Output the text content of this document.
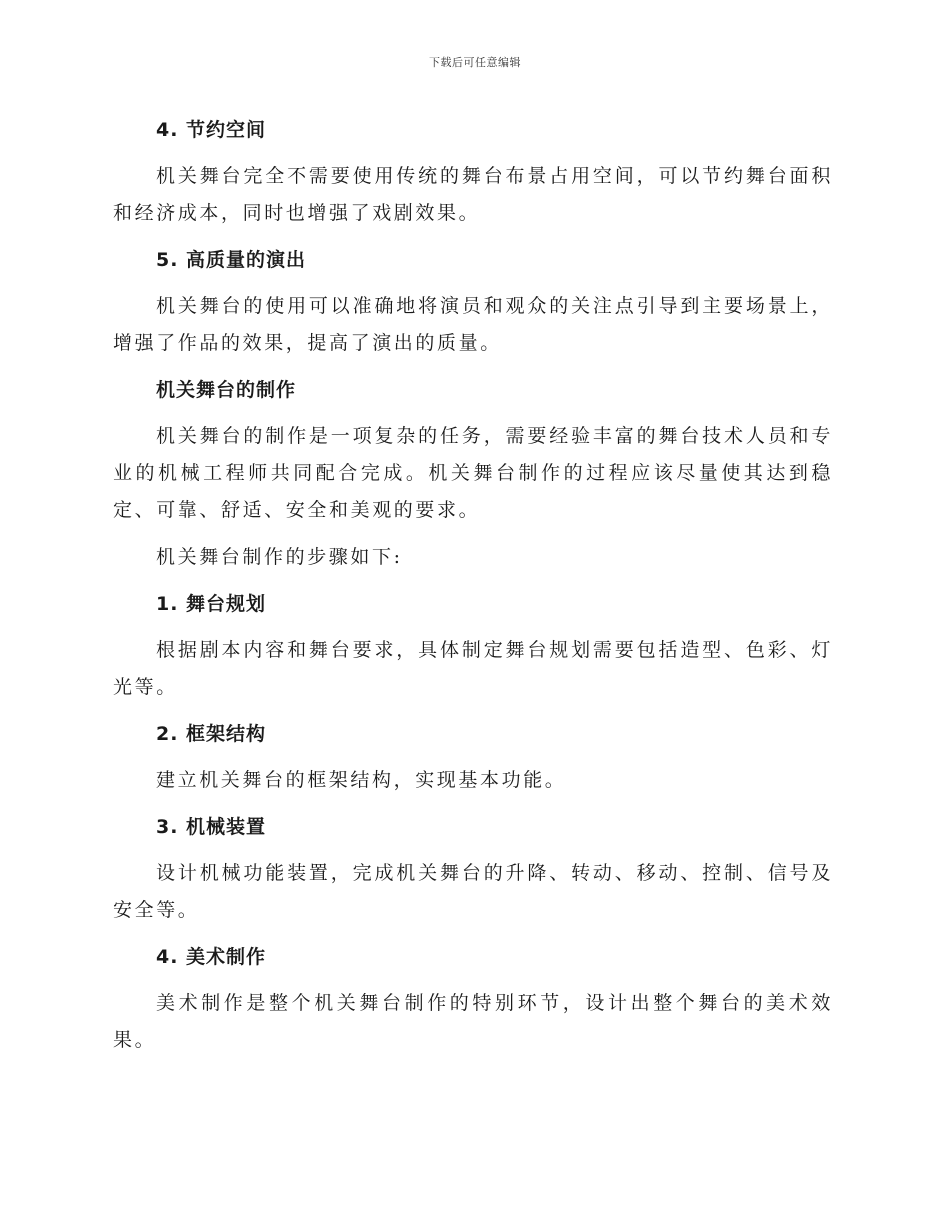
下载后可任意编辑
4. 节约空间
机关舞台完全不需要使用传统的舞台布景占用空间，可以节约舞台面积和经济成本，同时也增强了戏剧效果。
5. 高质量的演出
机关舞台的使用可以准确地将演员和观众的关注点引导到主要场景上，增强了作品的效果，提高了演出的质量。
机关舞台的制作
机关舞台的制作是一项复杂的任务，需要经验丰富的舞台技术人员和专业的机械工程师共同配合完成。机关舞台制作的过程应该尽量使其达到稳定、可靠、舒适、安全和美观的要求。
机关舞台制作的步骤如下:
1. 舞台规划
根据剧本内容和舞台要求，具体制定舞台规划需要包括造型、色彩、灯光等。
2. 框架结构
建立机关舞台的框架结构，实现基本功能。
3. 机械装置
设计机械功能装置，完成机关舞台的升降、转动、移动、控制、信号及安全等。
4. 美术制作
美术制作是整个机关舞台制作的特别环节，设计出整个舞台的美术效果。
